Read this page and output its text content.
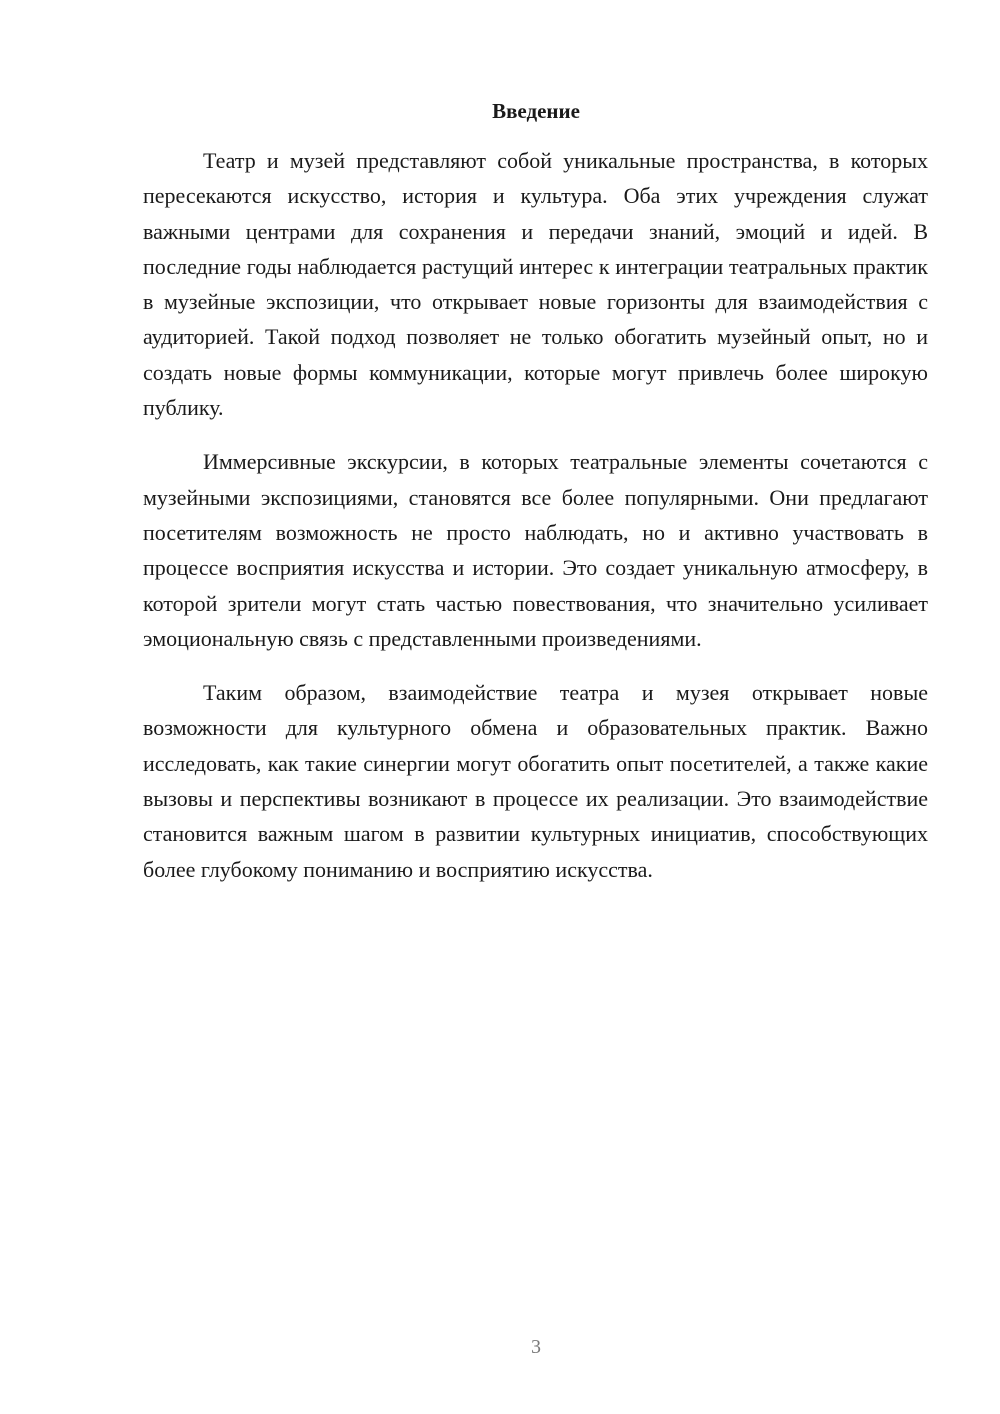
Введение

Театр и музей представляют собой уникальные пространства, в которых пересекаются искусство, история и культура. Оба этих учреждения служат важными центрами для сохранения и передачи знаний, эмоций и идей. В последние годы наблюдается растущий интерес к интеграции театральных практик в музейные экспозиции, что открывает новые горизонты для взаимодействия с аудиторией. Такой подход позволяет не только обогатить музейный опыт, но и создать новые формы коммуникации, которые могут привлечь более широкую публику.

Иммерсивные экскурсии, в которых театральные элементы сочетаются с музейными экспозициями, становятся все более популярными. Они предлагают посетителям возможность не просто наблюдать, но и активно участвовать в процессе восприятия искусства и истории. Это создает уникальную атмосферу, в которой зрители могут стать частью повествования, что значительно усиливает эмоциональную связь с представленными произведениями.

Таким образом, взаимодействие театра и музея открывает новые возможности для культурного обмена и образовательных практик. Важно исследовать, как такие синергии могут обогатить опыт посетителей, а также какие вызовы и перспективы возникают в процессе их реализации. Это взаимодействие становится важным шагом в развитии культурных инициатив, способствующих более глубокому пониманию и восприятию искусства.

3
